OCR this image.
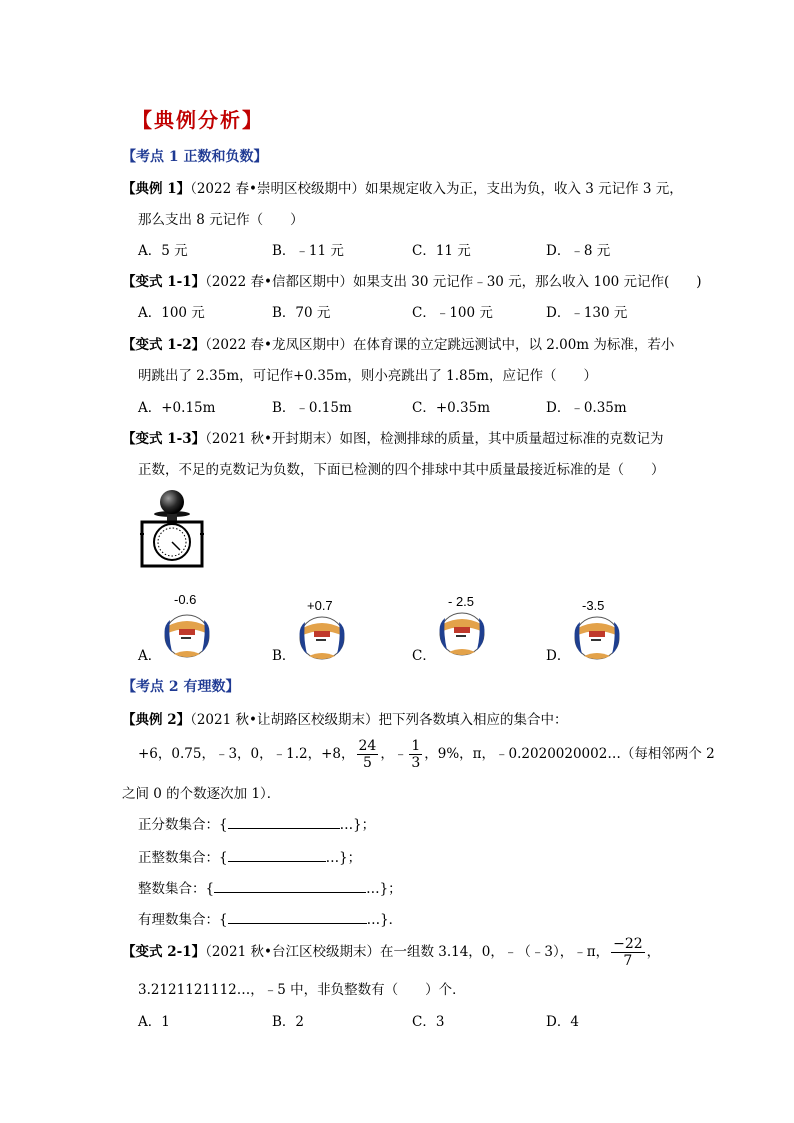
【典例分析】
【考点 1 正数和负数】
【典例 1】（2022 春•崇明区校级期中）如果规定收入为正，支出为负，收入 3 元记作 3 元，
那么支出 8 元记作（　　）
A．5 元	B．﹣11 元	C．11 元	D．﹣8 元
【变式 1-1】（2022 春•信都区期中）如果支出 30 元记作﹣30 元，那么收入 100 元记作(　　)
A．100 元	B．70 元	C．﹣100 元	D．﹣130 元
【变式 1-2】（2022 春•龙凤区期中）在体育课的立定跳远测试中，以 2.00m 为标准，若小
明跳出了 2.35m，可记作+0.35m，则小亮跳出了 1.85m，应记作（　　）
A．+0.15m	B．﹣0.15m	C．+0.35m	D．﹣0.35m
【变式 1-3】（2021 秋•开封期末）如图，检测排球的质量，其中质量超过标准的克数记为
正数，不足的克数记为负数，下面已检测的四个排球中其中质量最接近标准的是（　　）
A．	B．	C．	D．
-0.6	+0.7	- 2.5	-3.5
【考点 2 有理数】
【典例 2】（2021 秋•让胡路区校级期末）把下列各数填入相应的集合中：
+6，0.75，﹣3，0，﹣1.2，+8， $\frac{24}{5}$ ，﹣ $\frac{1}{3}$ ，9%，π，﹣0.2020020002…（每相邻两个 2
之间 0 的个数逐次加 1）．
正分数集合：{	…}；
正整数集合：{	…}；
整数集合：{	…}；
有理数集合：{	…}．
【变式 2-1】（2021 秋•台江区校级期末）在一组数 3.14，0，﹣（﹣3），﹣π， $\frac{-22}{7}$ ，
3.2121121112…，﹣5 中，非负整数有（　　）个．
A．1	B．2	C．3	D．4
